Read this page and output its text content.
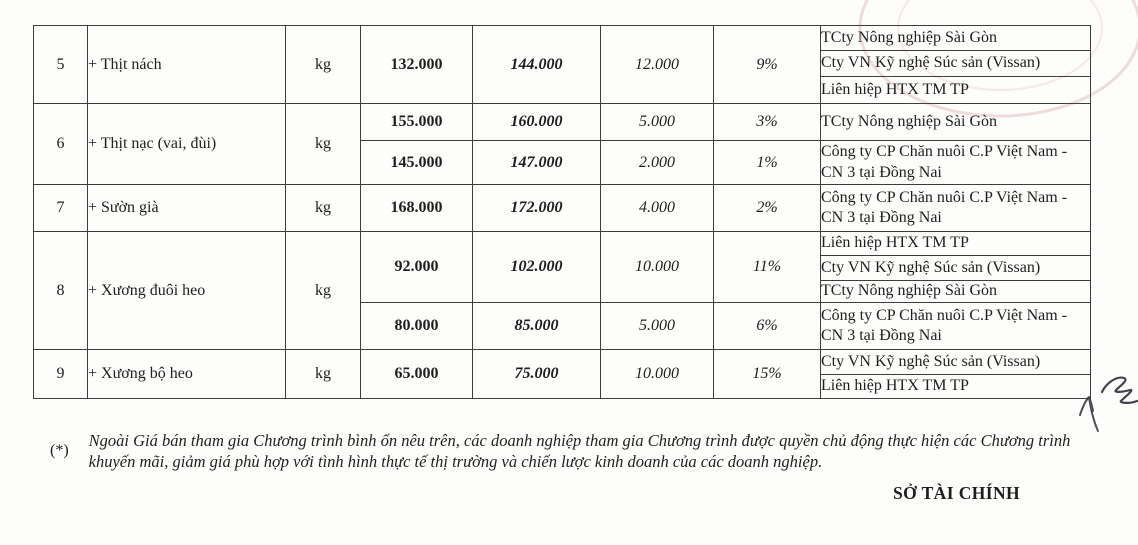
5	+ Thịt nách	kg	132.000	144.000	12.000	9%	TCty Nông nghiệp Sài Gòn
							Cty VN Kỹ nghệ Súc sản (Vissan)
							Liên hiệp HTX TM TP
6	+ Thịt nạc (vai, đùi)	kg	155.000	160.000	5.000	3%	TCty Nông nghiệp Sài Gòn
			145.000	147.000	2.000	1%	Công ty CP Chăn nuôi C.P Việt Nam - CN 3 tại Đồng Nai
7	+ Sườn già	kg	168.000	172.000	4.000	2%	Công ty CP Chăn nuôi C.P Việt Nam - CN 3 tại Đồng Nai
8	+ Xương đuôi heo	kg	92.000	102.000	10.000	11%	Liên hiệp HTX TM TP
							Cty VN Kỹ nghệ Súc sản (Vissan)
							TCty Nông nghiệp Sài Gòn
			80.000	85.000	5.000	6%	Công ty CP Chăn nuôi C.P Việt Nam - CN 3 tại Đồng Nai
9	+ Xương bộ heo	kg	65.000	75.000	10.000	15%	Cty VN Kỹ nghệ Súc sản (Vissan)
							Liên hiệp HTX TM TP
(*)

Ngoài Giá bán tham gia Chương trình bình ổn nêu trên, các doanh nghiệp tham gia Chương trình được quyền chủ động thực hiện các Chương trình khuyến mãi, giảm giá phù hợp với tình hình thực tế thị trường và chiến lược kinh doanh của các doanh nghiệp.

SỞ TÀI CHÍNH
